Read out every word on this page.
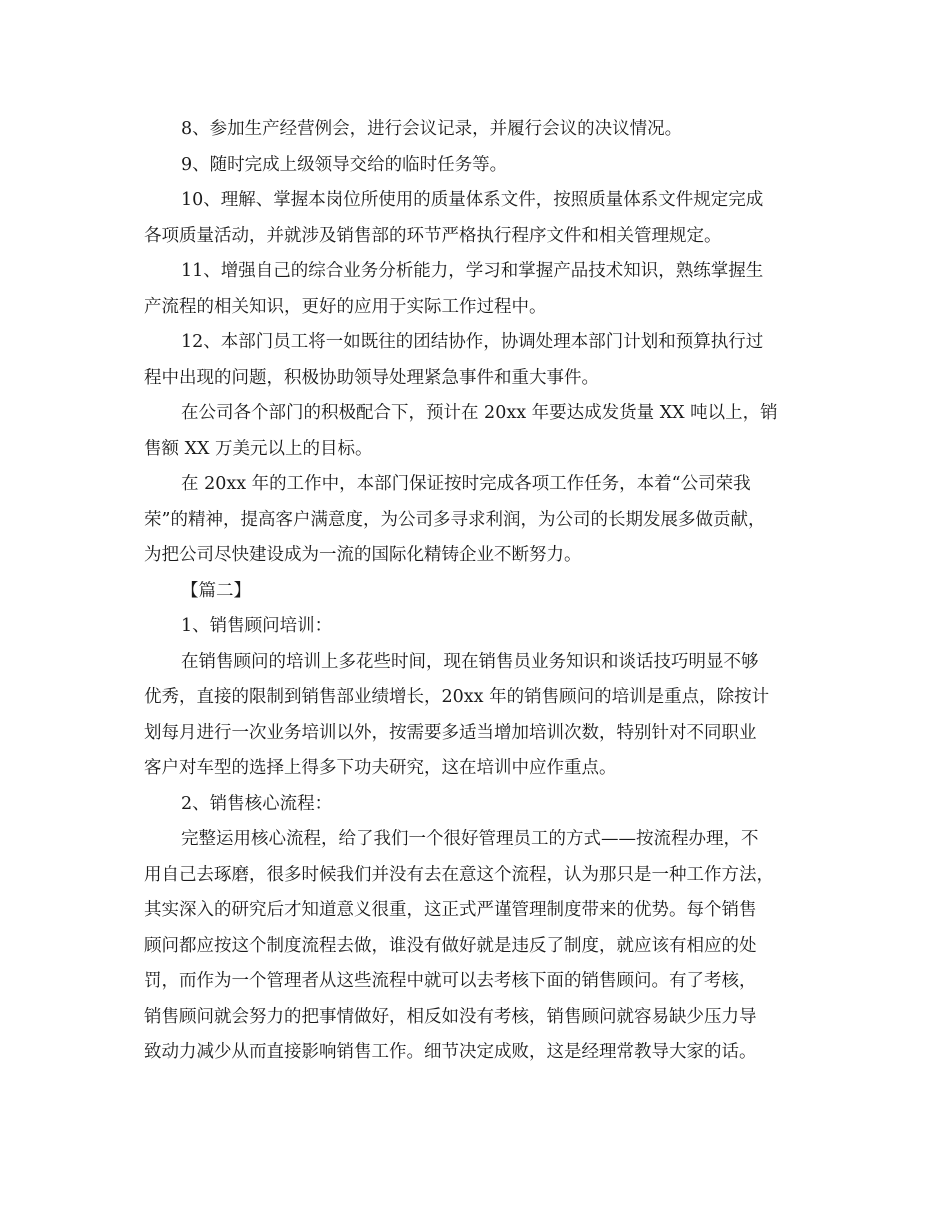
8、参加生产经营例会，进行会议记录，并履行会议的决议情况。
9、随时完成上级领导交给的临时任务等。
10、理解、掌握本岗位所使用的质量体系文件，按照质量体系文件规定完成
各项质量活动，并就涉及销售部的环节严格执行程序文件和相关管理规定。
11、增强自己的综合业务分析能力，学习和掌握产品技术知识，熟练掌握生
产流程的相关知识，更好的应用于实际工作过程中。
12、本部门员工将一如既往的团结协作，协调处理本部门计划和预算执行过
程中出现的问题，积极协助领导处理紧急事件和重大事件。
在公司各个部门的积极配合下，预计在 20xx 年要达成发货量 XX 吨以上，销
售额 XX 万美元以上的目标。
在 20xx 年的工作中，本部门保证按时完成各项工作任务，本着“公司荣我
荣”的精神，提高客户满意度，为公司多寻求利润，为公司的长期发展多做贡献，
为把公司尽快建设成为一流的国际化精铸企业不断努力。
【篇二】
1、销售顾问培训：
在销售顾问的培训上多花些时间，现在销售员业务知识和谈话技巧明显不够
优秀，直接的限制到销售部业绩增长，20xx 年的销售顾问的培训是重点，除按计
划每月进行一次业务培训以外，按需要多适当增加培训次数，特别针对不同职业
客户对车型的选择上得多下功夫研究，这在培训中应作重点。
2、销售核心流程：
完整运用核心流程，给了我们一个很好管理员工的方式——按流程办理，不
用自己去琢磨，很多时候我们并没有去在意这个流程，认为那只是一种工作方法，
其实深入的研究后才知道意义很重，这正式严谨管理制度带来的优势。每个销售
顾问都应按这个制度流程去做，谁没有做好就是违反了制度，就应该有相应的处
罚，而作为一个管理者从这些流程中就可以去考核下面的销售顾问。有了考核，
销售顾问就会努力的把事情做好，相反如没有考核，销售顾问就容易缺少压力导
致动力减少从而直接影响销售工作。细节决定成败，这是经理常教导大家的话。
